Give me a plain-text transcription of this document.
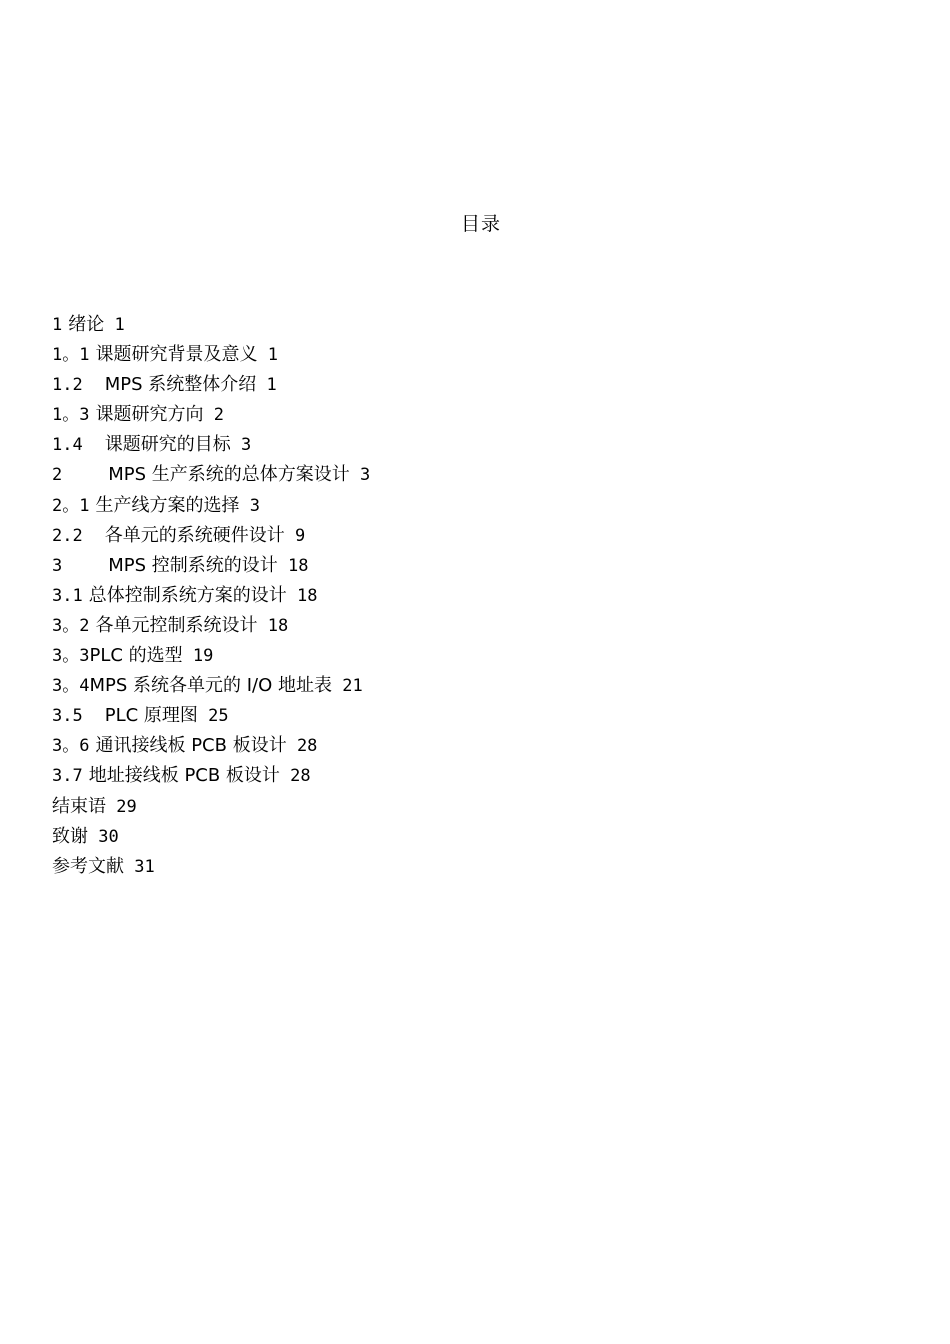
目录
1 绪论 1
1。1 课题研究背景及意义 1
1.2 MPS 系统整体介绍 1
1。3 课题研究方向 2
1.4 课题研究的目标 3
2	MPS 生产系统的总体方案设计 3
2。1 生产线方案的选择 3
2.2 各单元的系统硬件设计 9
3	MPS 控制系统的设计 18
3.1 总体控制系统方案的设计 18
3。2 各单元控制系统设计 18
3。3PLC 的选型 19
3。4MPS 系统各单元的 I/O 地址表 21
3.5 PLC 原理图 25
3。6 通讯接线板 PCB 板设计 28
3.7 地址接线板 PCB 板设计 28
结束语 29
致谢 30
参考文献 31
